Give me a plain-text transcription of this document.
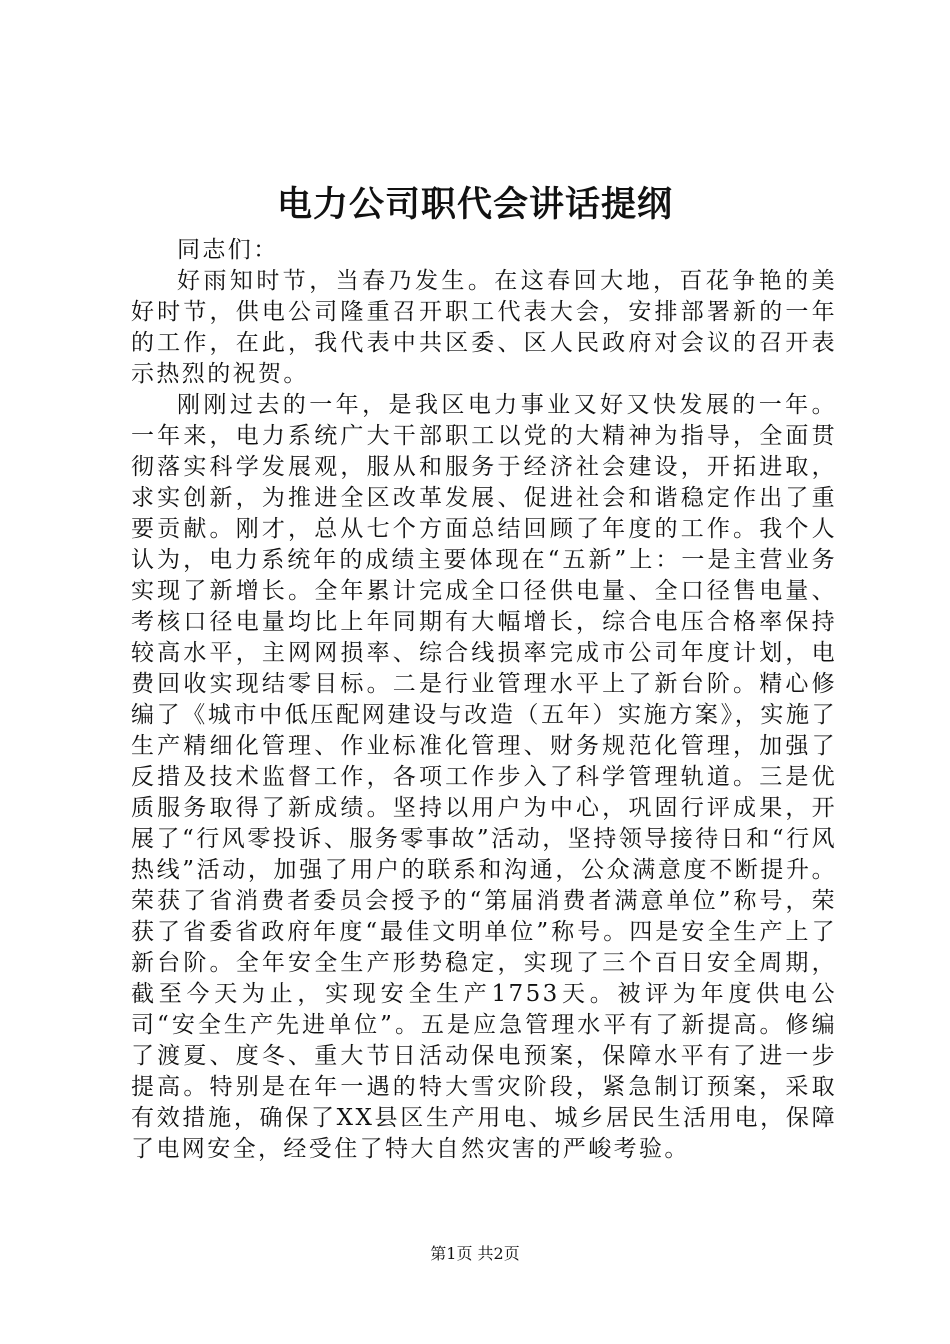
电力公司职代会讲话提纲

同志们：

好雨知时节，当春乃发生。在这春回大地，百花争艳的美好时节，供电公司隆重召开职工代表大会，安排部署新的一年的工作，在此，我代表中共区委、区人民政府对会议的召开表示热烈的祝贺。

刚刚过去的一年，是我区电力事业又好又快发展的一年。一年来，电力系统广大干部职工以党的大精神为指导，全面贯彻落实科学发展观，服从和服务于经济社会建设，开拓进取，求实创新，为推进全区改革发展、促进社会和谐稳定作出了重要贡献。刚才，总从七个方面总结回顾了年度的工作。我个人认为，电力系统年的成绩主要体现在“五新”上：一是主营业务实现了新增长。全年累计完成全口径供电量、全口径售电量、考核口径电量均比上年同期有大幅增长，综合电压合格率保持较高水平，主网网损率、综合线损率完成市公司年度计划，电费回收实现结零目标。二是行业管理水平上了新台阶。精心修编了《城市中低压配网建设与改造（五年）实施方案》，实施了生产精细化管理、作业标准化管理、财务规范化管理，加强了反措及技术监督工作，各项工作步入了科学管理轨道。三是优质服务取得了新成绩。坚持以用户为中心，巩固行评成果，开展了“行风零投诉、服务零事故”活动，坚持领导接待日和“行风热线”活动，加强了用户的联系和沟通，公众满意度不断提升。荣获了省消费者委员会授予的“第届消费者满意单位”称号，荣获了省委省政府年度“最佳文明单位”称号。四是安全生产上了新台阶。全年安全生产形势稳定，实现了三个百日安全周期，截至今天为止，实现安全生产1753天。被评为年度供电公司“安全生产先进单位”。五是应急管理水平有了新提高。修编了渡夏、度冬、重大节日活动保电预案，保障水平有了进一步提高。特别是在年一遇的特大雪灾阶段，紧急制订预案，采取有效措施，确保了XX县区生产用电、城乡居民生活用电，保障了电网安全，经受住了特大自然灾害的严峻考验。

第1页 共2页
